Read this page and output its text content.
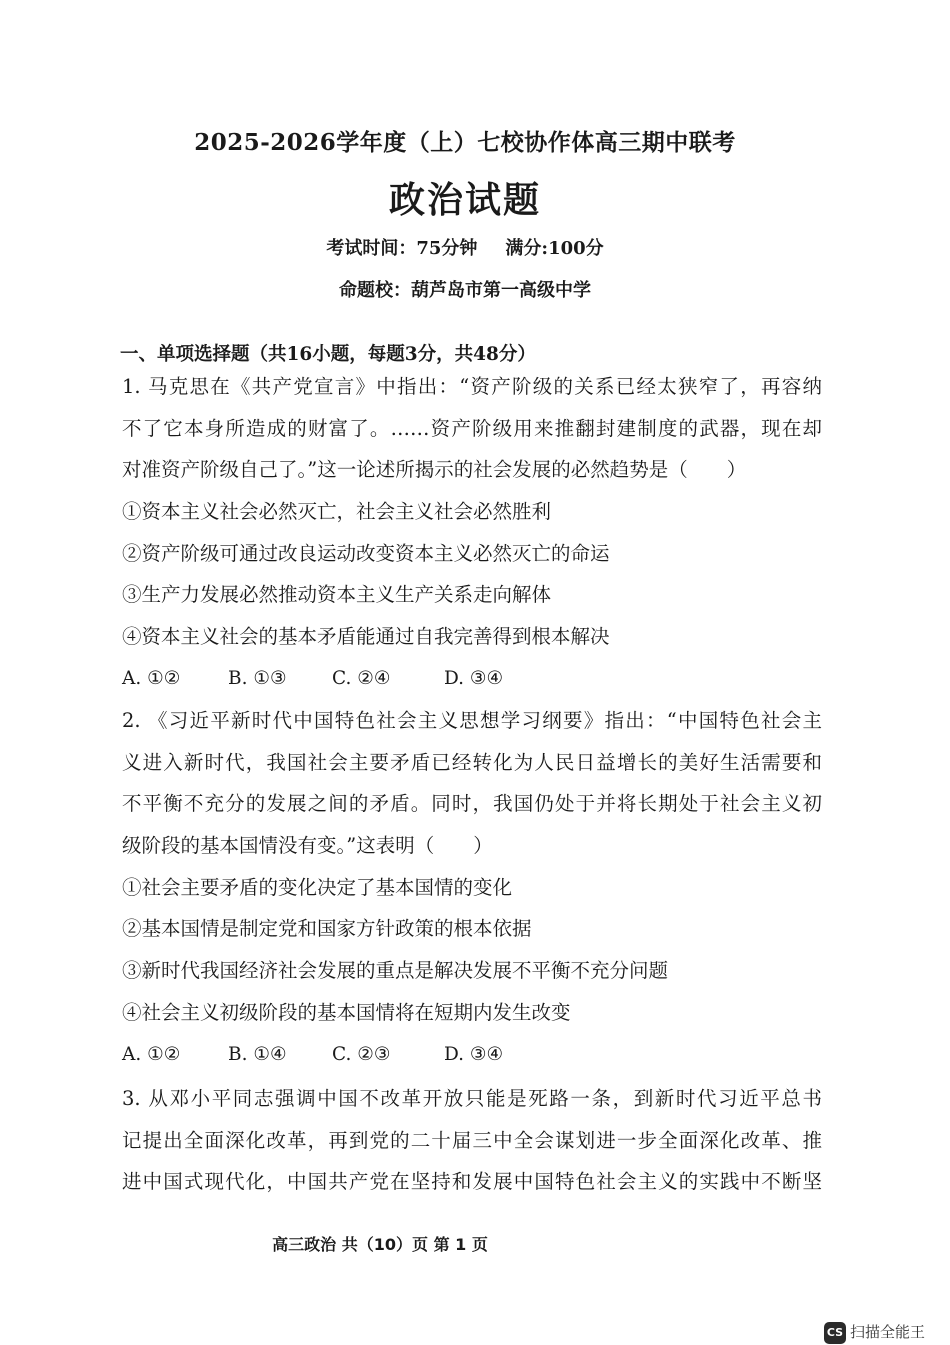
2025-2026学年度（上）七校协作体高三期中联考
政治试题
考试时间：75分钟 满分:100分
命题校：葫芦岛市第一高级中学
一、单项选择题（共16小题，每题3分，共48分）
1. 马克思在《共产党宣言》中指出：“资产阶级的关系已经太狭窄了，再容纳
不了它本身所造成的财富了。……资产阶级用来推翻封建制度的武器，现在却
对准资产阶级自己了。”这一论述所揭示的社会发展的必然趋势是（　　）
①资本主义社会必然灭亡，社会主义社会必然胜利
②资产阶级可通过改良运动改变资本主义必然灭亡的命运
③生产力发展必然推动资本主义生产关系走向解体
④资本主义社会的基本矛盾能通过自我完善得到根本解决
A. ①②	B. ①③ C. ②④	D. ③④
2. 《习近平新时代中国特色社会主义思想学习纲要》指出：“中国特色社会主
义进入新时代，我国社会主要矛盾已经转化为人民日益增长的美好生活需要和
不平衡不充分的发展之间的矛盾。同时，我国仍处于并将长期处于社会主义初
级阶段的基本国情没有变。”这表明（　　）
①社会主要矛盾的变化决定了基本国情的变化
②基本国情是制定党和国家方针政策的根本依据
③新时代我国经济社会发展的重点是解决发展不平衡不充分问题
④社会主义初级阶段的基本国情将在短期内发生改变
A. ①②	B. ①④ C. ②③	D. ③④
3. 从邓小平同志强调中国不改革开放只能是死路一条，到新时代习近平总书
记提出全面深化改革，再到党的二十届三中全会谋划进一步全面深化改革、推
进中国式现代化，中国共产党在坚持和发展中国特色社会主义的实践中不断坚
高三政治 共（10）页 第 1 页
CS 扫描全能王
